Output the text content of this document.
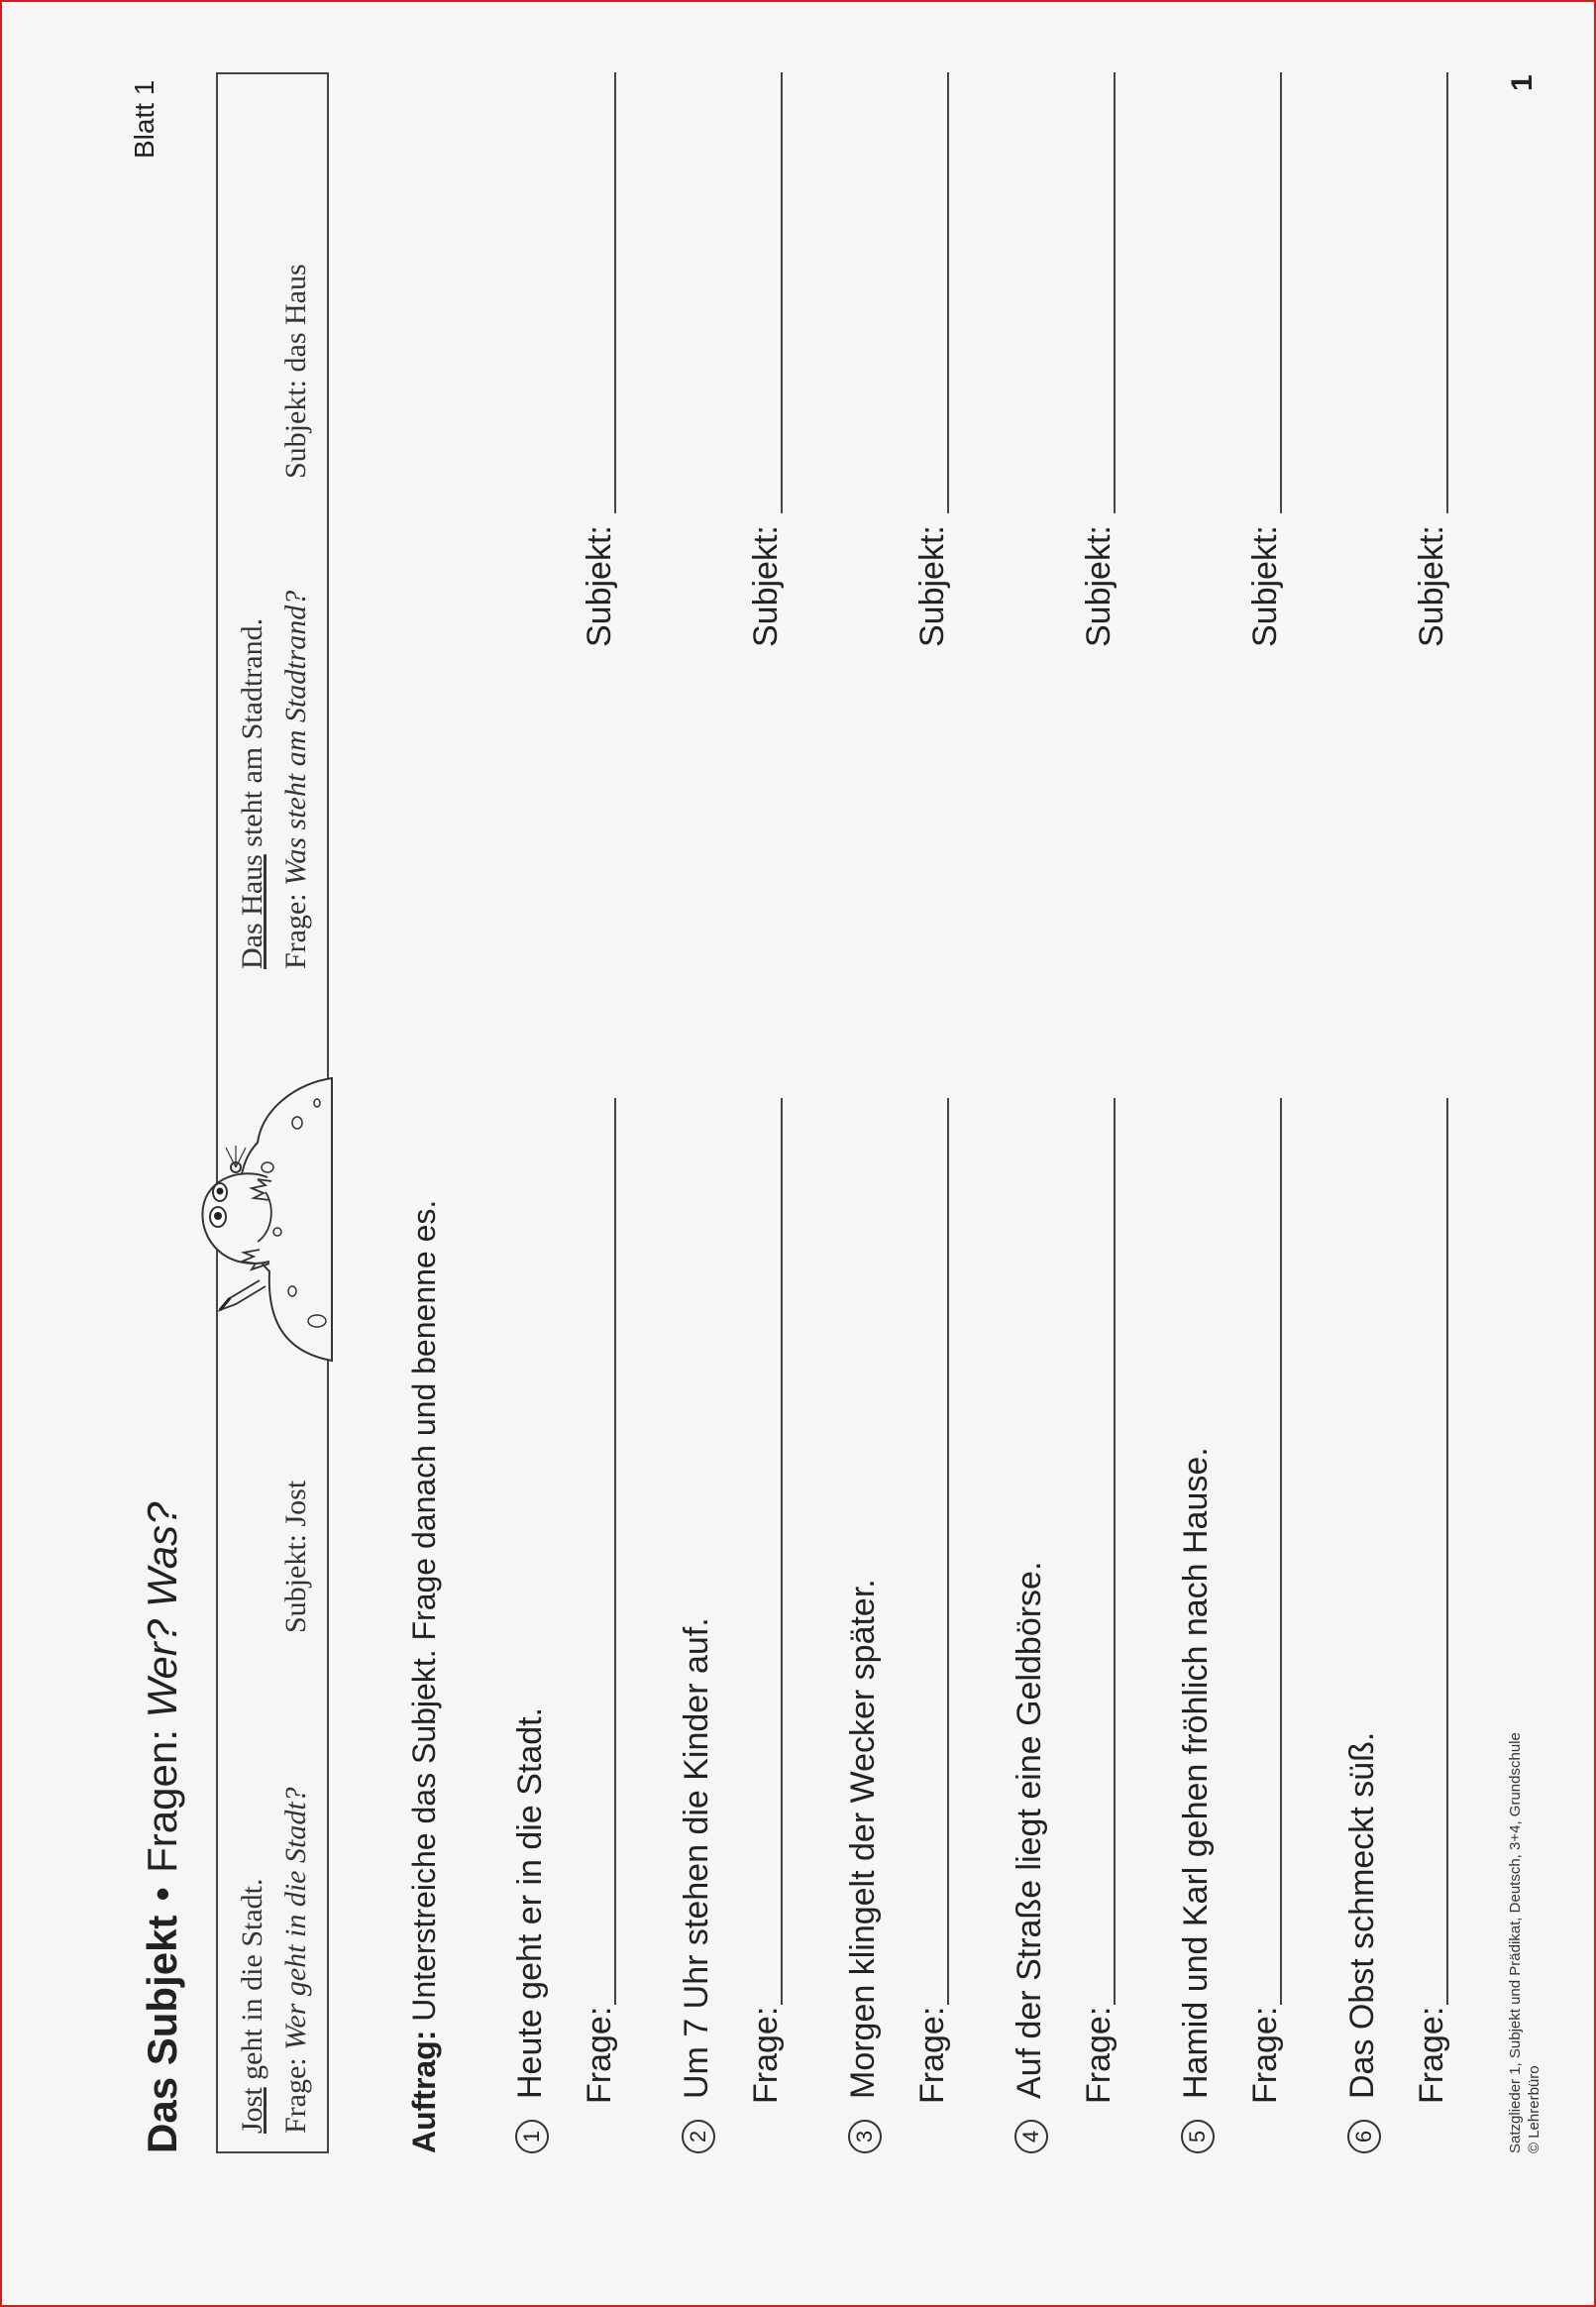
Das Subjekt•Fragen: Wer? Was?
Blatt 1	1
Jost geht in die Stadt.
Frage: Wer geht in die Stadt?
Subjekt: Jost
Das Haus steht am Stadtrand.
Frage: Was steht am Stadtrand?
Subjekt: das Haus
Auftrag: Unterstreiche das Subjekt. Frage danach und benenne es.
1
Heute geht er in die Stadt. Frage:
Subjekt:
2
Um 7 Uhr stehen die Kinder auf. Frage:
Subjekt:
3
Morgen klingelt der Wecker später. Frage:
Subjekt:
4
Auf der Straße liegt eine Geldbörse. Frage:
Subjekt:
5
Hamid und Karl gehen fröhlich nach Hause. Frage:
Subjekt:
6
Das Obst schmeckt süß. Frage:
Subjekt:
Satzglieder 1, Subjekt und Prädikat, Deutsch, 3+4, Grundschule © Lehrerbüro
